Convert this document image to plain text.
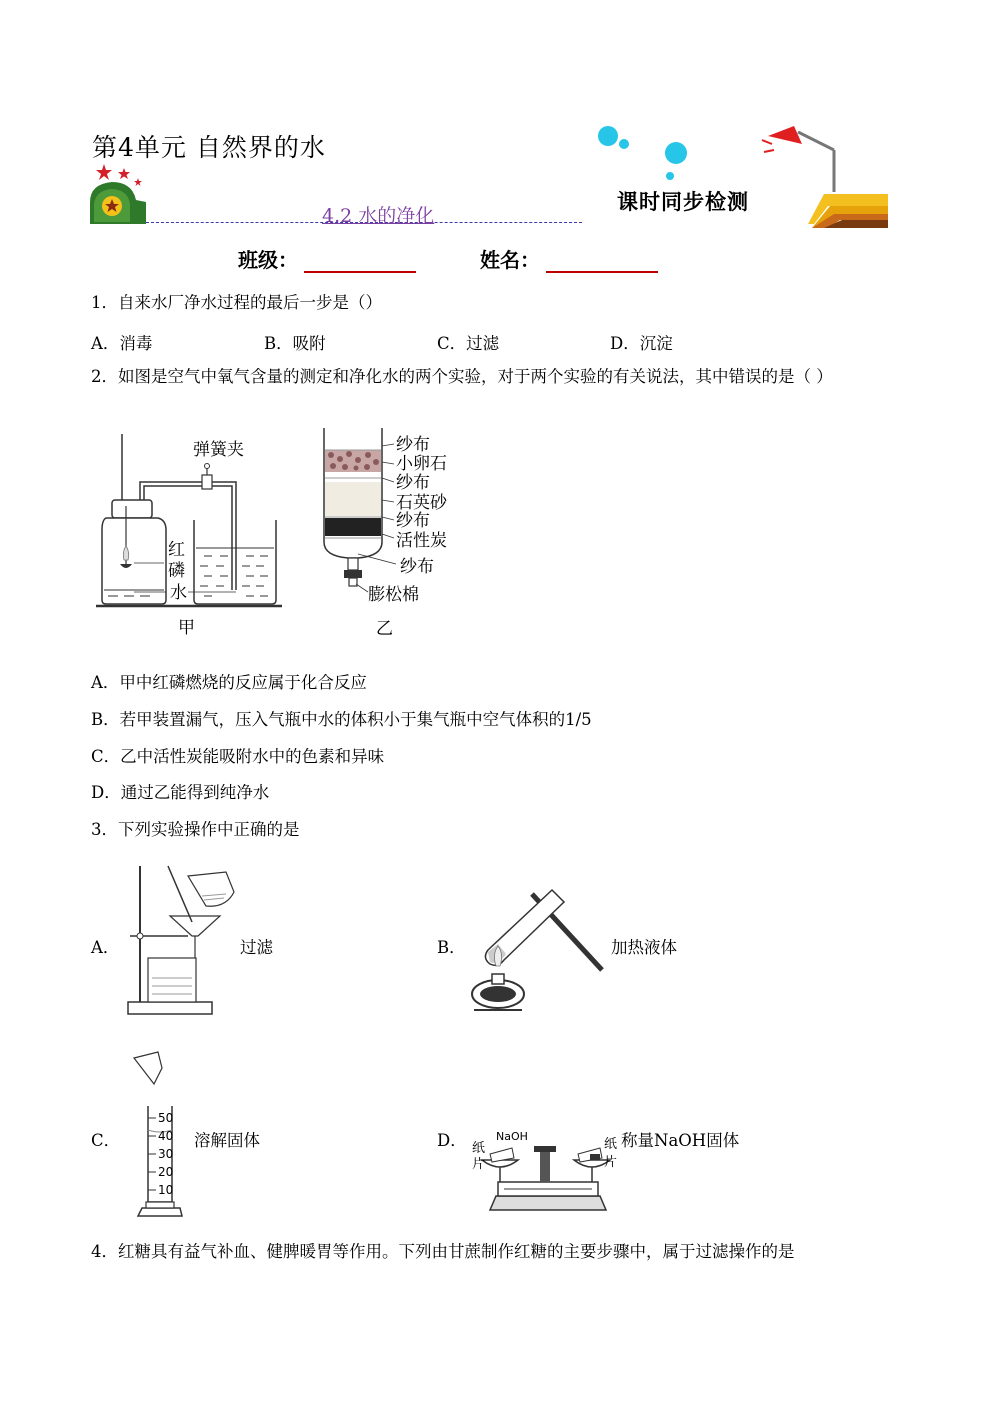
第4单元 自然界的水
4.2 水的净化
课时同步检测
班级：	姓名：
1．自来水厂净水过程的最后一步是（）
A．消毒	B．吸附	C．过滤	D．沉淀
2．如图是空气中氧气含量的测定和净化水的两个实验，对于两个实验的有关说法，其中错误的是（ ）
弹簧夹
红
磷
水
甲
纱布
小卵石
纱布
石英砂
纱布
活性炭
纱布
膨松棉
乙
A．甲中红磷燃烧的反应属于化合反应
B．若甲装置漏气，压入气瓶中水的体积小于集气瓶中空气体积的1/5
C．乙中活性炭能吸附水中的色素和异味
D．通过乙能得到纯净水
3．下列实验操作中正确的是
A．	过滤	B．	加热液体
C．
50
40
30
20
10
溶解固体	D．	NaOH
纸
片
纸
片
称量NaOH固体
4．红糖具有益气补血、健脾暖胃等作用。下列由甘蔗制作红糖的主要步骤中，属于过滤操作的是
